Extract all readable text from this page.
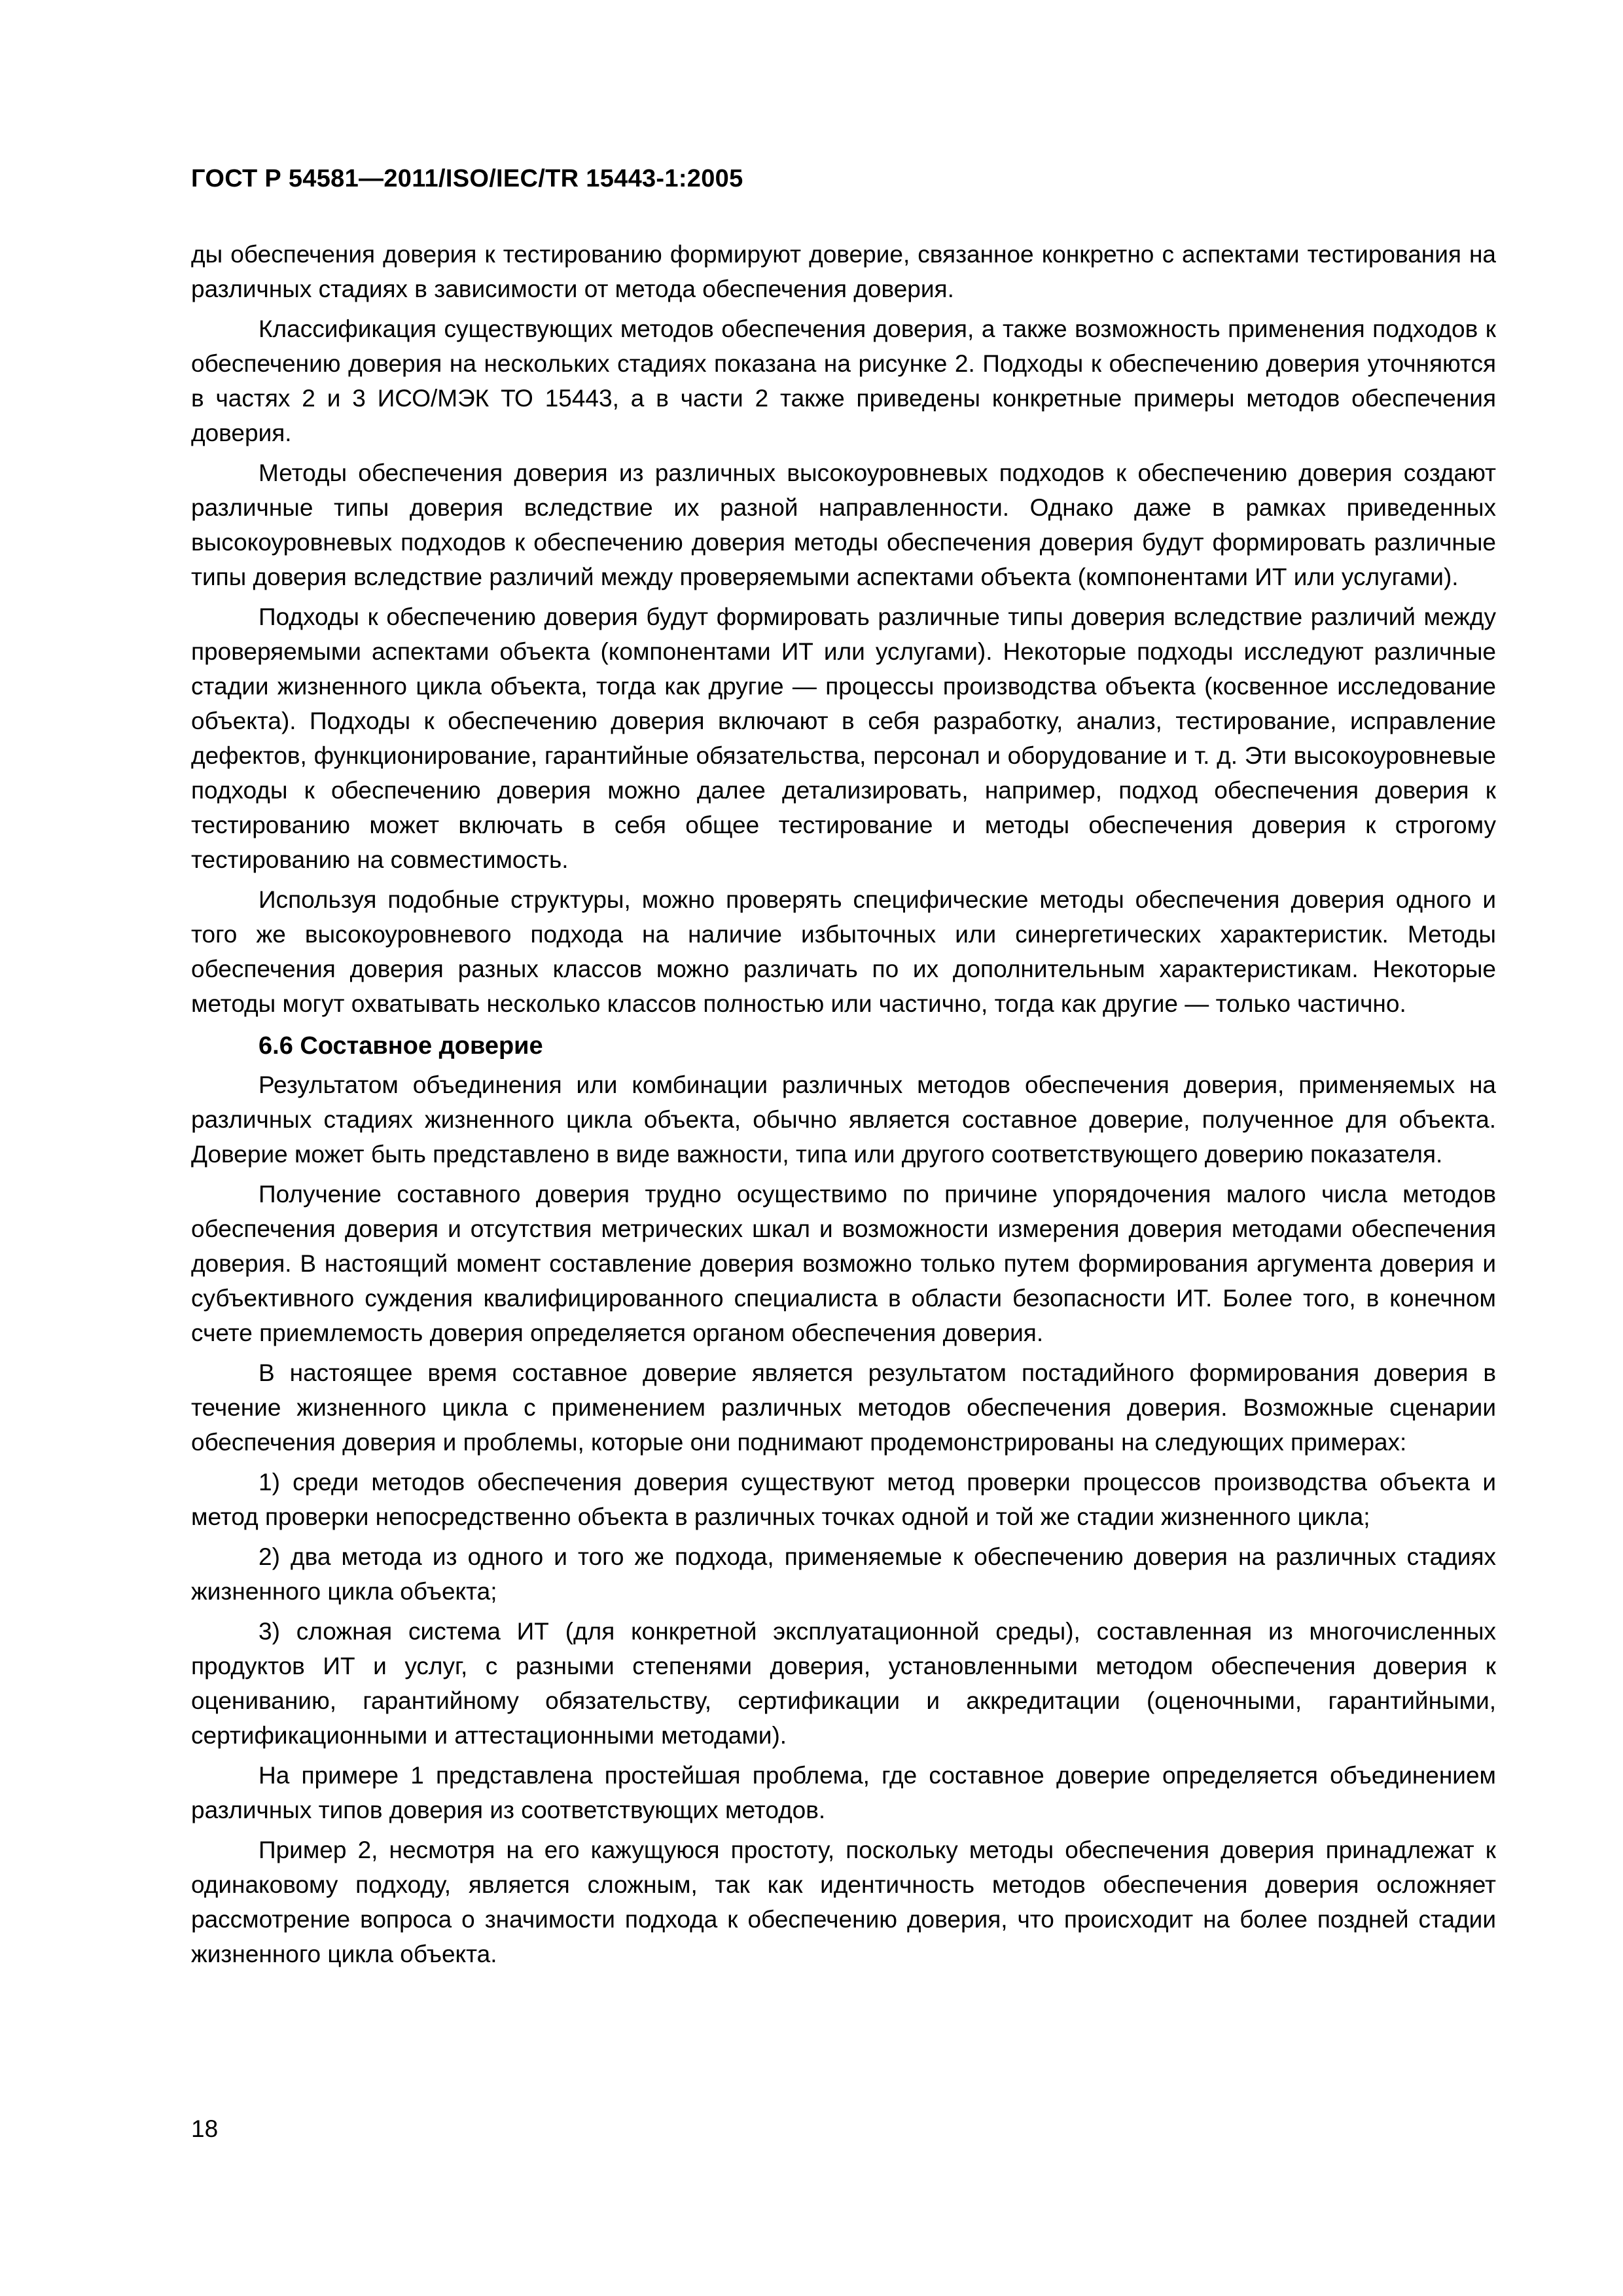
ГОСТ Р 54581—2011/ISO/IEC/TR 15443-1:2005

ды обеспечения доверия к тестированию формируют доверие, связанное конкретно с аспектами тестирования на различных стадиях в зависимости от метода обеспечения доверия.

Классификация существующих методов обеспечения доверия, а также возможность применения подходов к обеспечению доверия на нескольких стадиях показана на рисунке 2. Подходы к обеспечению доверия уточняются в частях 2 и 3 ИСО/МЭК ТО 15443, а в части 2 также приведены конкретные примеры методов обеспечения доверия.

Методы обеспечения доверия из различных высокоуровневых подходов к обеспечению доверия создают различные типы доверия вследствие их разной направленности. Однако даже в рамках приведенных высокоуровневых подходов к обеспечению доверия методы обеспечения доверия будут формировать различные типы доверия вследствие различий между проверяемыми аспектами объекта (компонентами ИТ или услугами).

Подходы к обеспечению доверия будут формировать различные типы доверия вследствие различий между проверяемыми аспектами объекта (компонентами ИТ или услугами). Некоторые подходы исследуют различные стадии жизненного цикла объекта, тогда как другие — процессы производства объекта (косвенное исследование объекта). Подходы к обеспечению доверия включают в себя разработку, анализ, тестирование, исправление дефектов, функционирование, гарантийные обязательства, персонал и оборудование и т. д. Эти высокоуровневые подходы к обеспечению доверия можно далее детализировать, например, подход обеспечения доверия к тестированию может включать в себя общее тестирование и методы обеспечения доверия к строгому тестированию на совместимость.

Используя подобные структуры, можно проверять специфические методы обеспечения доверия одного и того же высокоуровневого подхода на наличие избыточных или синергетических характеристик. Методы обеспечения доверия разных классов можно различать по их дополнительным характеристикам. Некоторые методы могут охватывать несколько классов полностью или частично, тогда как другие — только частично.

6.6 Составное доверие

Результатом объединения или комбинации различных методов обеспечения доверия, применяемых на различных стадиях жизненного цикла объекта, обычно является составное доверие, полученное для объекта. Доверие может быть представлено в виде важности, типа или другого соответствующего доверию показателя.

Получение составного доверия трудно осуществимо по причине упорядочения малого числа методов обеспечения доверия и отсутствия метрических шкал и возможности измерения доверия методами обеспечения доверия. В настоящий момент составление доверия возможно только путем формирования аргумента доверия и субъективного суждения квалифицированного специалиста в области безопасности ИТ. Более того, в конечном счете приемлемость доверия определяется органом обеспечения доверия.

В настоящее время составное доверие является результатом постадийного формирования доверия в течение жизненного цикла с применением различных методов обеспечения доверия. Возможные сценарии обеспечения доверия и проблемы, которые они поднимают продемонстрированы на следующих примерах:

1) среди методов обеспечения доверия существуют метод проверки процессов производства объекта и метод проверки непосредственно объекта в различных точках одной и той же стадии жизненного цикла;

2) два метода из одного и того же подхода, применяемые к обеспечению доверия на различных стадиях жизненного цикла объекта;

3) сложная система ИТ (для конкретной эксплуатационной среды), составленная из многочисленных продуктов ИТ и услуг, с разными степенями доверия, установленными методом обеспечения доверия к оцениванию, гарантийному обязательству, сертификации и аккредитации (оценочными, гарантийными, сертификационными и аттестационными методами).

На примере 1 представлена простейшая проблема, где составное доверие определяется объединением различных типов доверия из соответствующих методов.

Пример 2, несмотря на его кажущуюся простоту, поскольку методы обеспечения доверия принадлежат к одинаковому подходу, является сложным, так как идентичность методов обеспечения доверия осложняет рассмотрение вопроса о значимости подхода к обеспечению доверия, что происходит на более поздней стадии жизненного цикла объекта.

18
